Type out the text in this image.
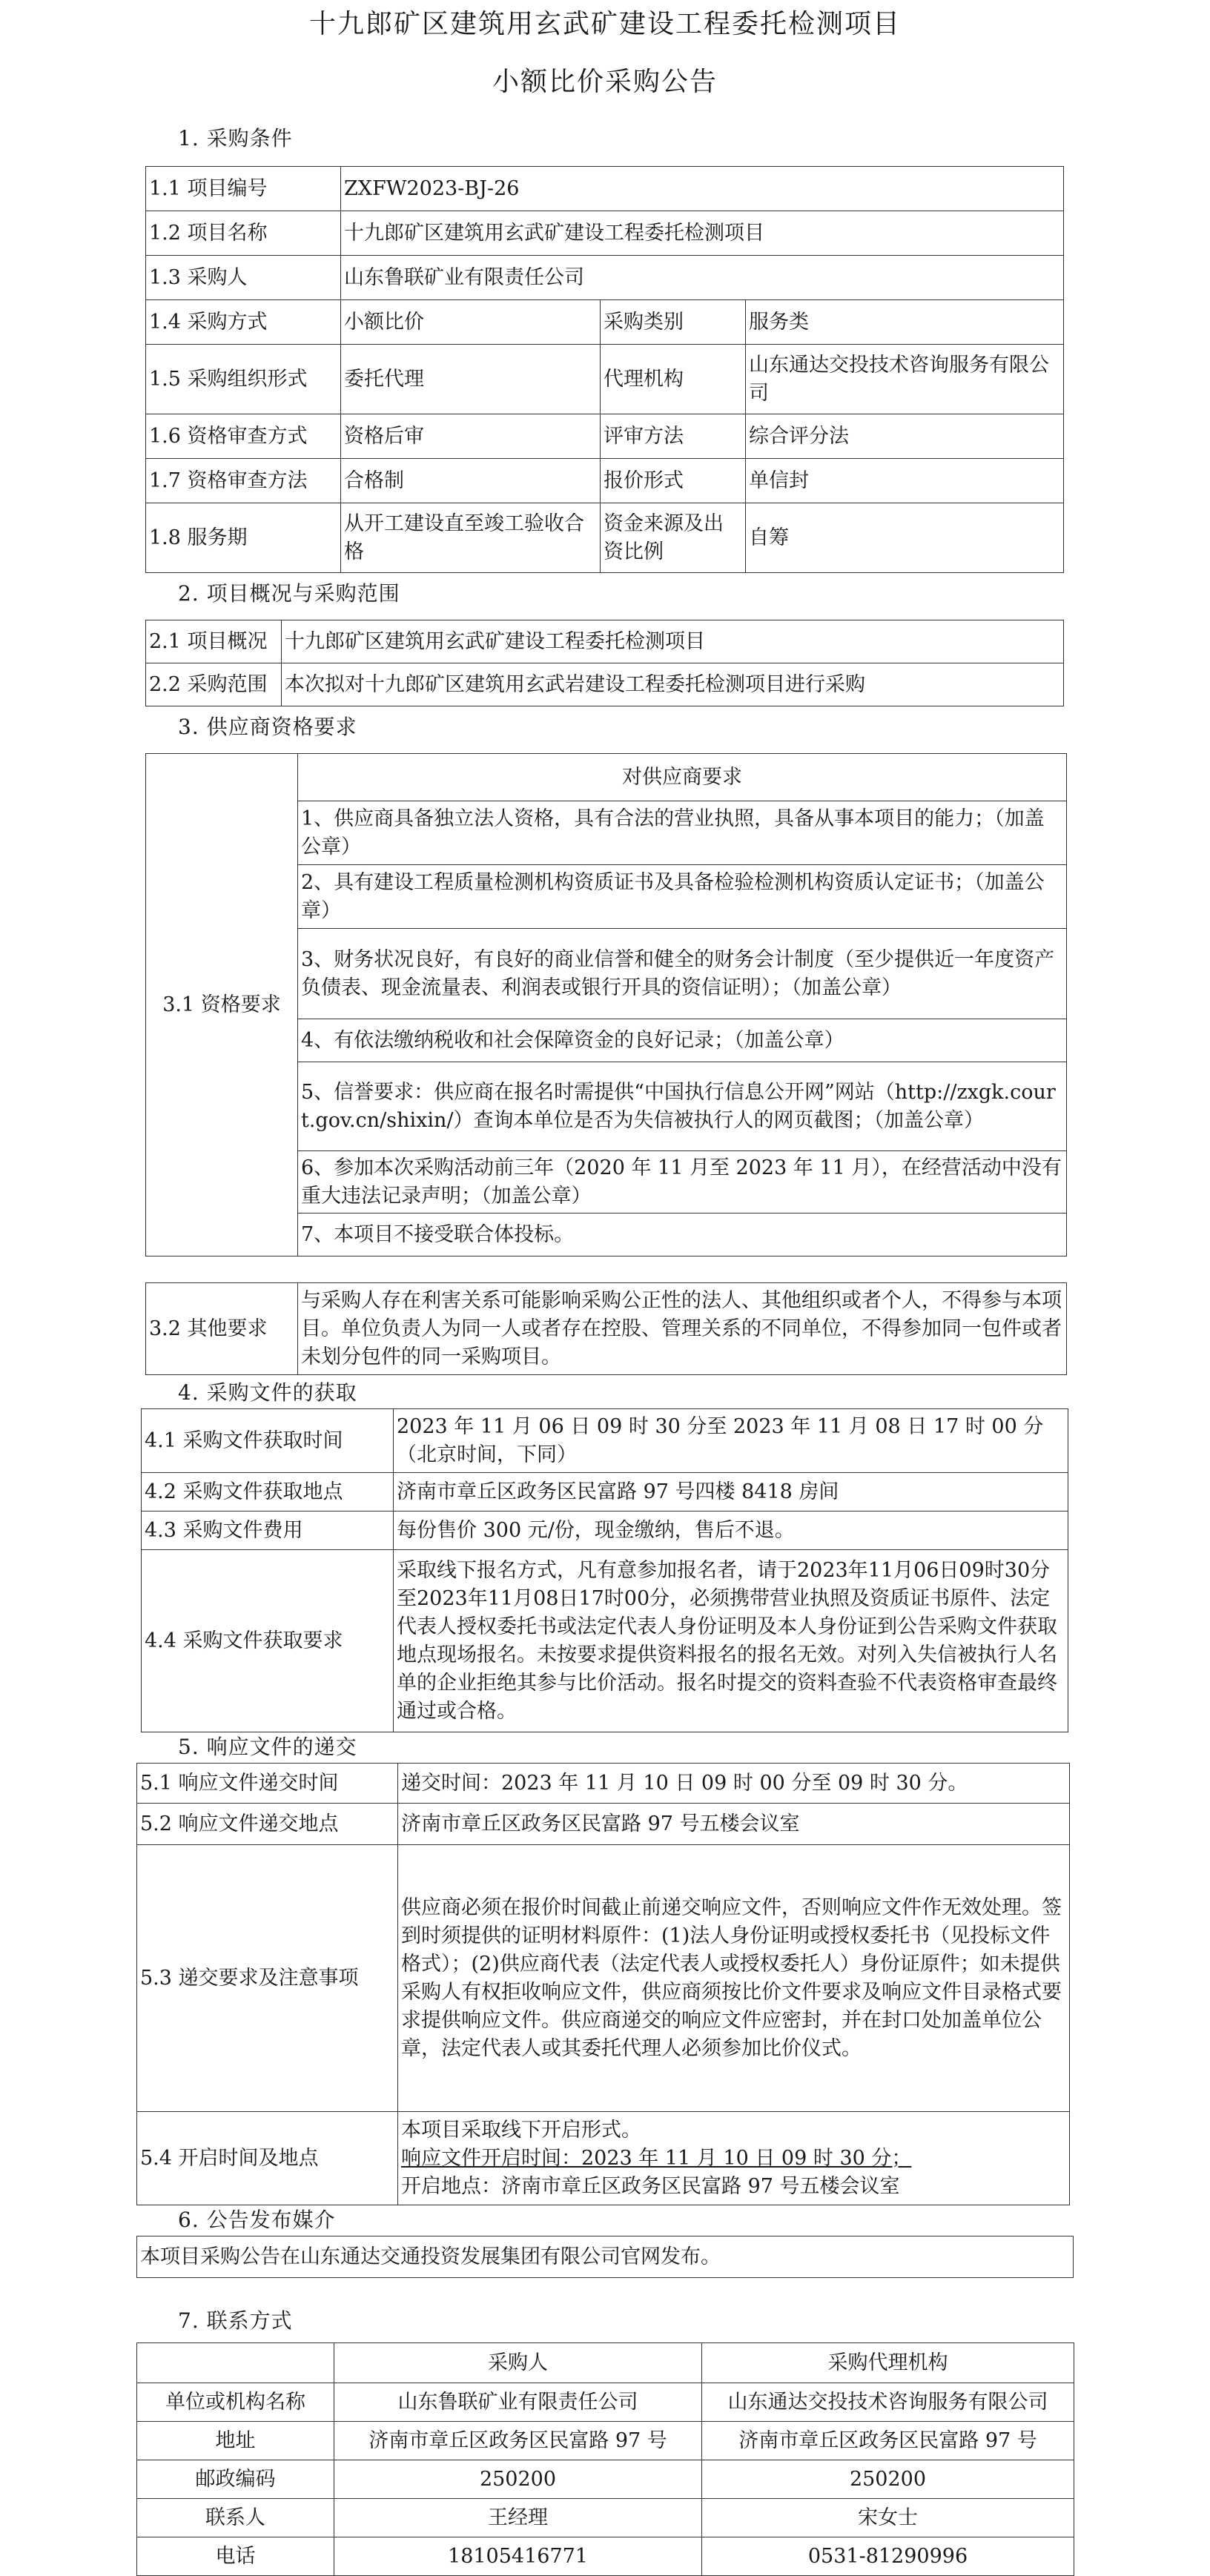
十九郎矿区建筑用玄武矿建设工程委托检测项目
小额比价采购公告
1. 采购条件
1.1 项目编号	ZXFW2023-BJ-26		
1.2 项目名称	十九郎矿区建筑用玄武矿建设工程委托检测项目		
1.3 采购人	山东鲁联矿业有限责任公司		
1.4 采购方式	小额比价	采购类别	服务类
1.5 采购组织形式	委托代理	代理机构	山东通达交投技术咨询服务有限公司
1.6 资格审查方式	资格后审	评审方法	综合评分法
1.7 资格审查方法	合格制	报价形式	单信封
1.8 服务期	从开工建设直至竣工验收合格	资金来源及出资比例	自筹
2. 项目概况与采购范围
2.1 项目概况	十九郎矿区建筑用玄武矿建设工程委托检测项目
2.2 采购范围	本次拟对十九郎矿区建筑用玄武岩建设工程委托检测项目进行采购
3. 供应商资格要求
3.1 资格要求	对供应商要求
1、供应商具备独立法人资格，具有合法的营业执照，具备从事本项目的能力；（加盖公章）
2、具有建设工程质量检测机构资质证书及具备检验检测机构资质认定证书；（加盖公章）
3、财务状况良好，有良好的商业信誉和健全的财务会计制度（至少提供近一年度资产负债表、现金流量表、利润表或银行开具的资信证明）；（加盖公章）
4、有依法缴纳税收和社会保障资金的良好记录；（加盖公章）
5、信誉要求：供应商在报名时需提供“中国执行信息公开网”网站（http://zxgk.court.gov.cn/shixin/）查询本单位是否为失信被执行人的网页截图；（加盖公章）
6、参加本次采购活动前三年（2020 年 11 月至 2023 年 11 月），在经营活动中没有重大违法记录声明；（加盖公章）
7、本项目不接受联合体投标。
3.2 其他要求	与采购人存在利害关系可能影响采购公正性的法人、其他组织或者个人，不得参与本项目。单位负责人为同一人或者存在控股、管理关系的不同单位，不得参加同一包件或者未划分包件的同一采购项目。
4. 采购文件的获取
4.1 采购文件获取时间	2023 年 11 月 06 日 09 时 30 分至 2023 年 11 月 08 日 17 时 00 分（北京时间，下同）
4.2 采购文件获取地点	济南市章丘区政务区民富路 97 号四楼 8418 房间
4.3 采购文件费用	每份售价 300 元/份，现金缴纳，售后不退。
4.4 采购文件获取要求	采取线下报名方式，凡有意参加报名者，请于2023年11月06日09时30分至2023年11月08日17时00分，必须携带营业执照及资质证书原件、法定代表人授权委托书或法定代表人身份证明及本人身份证到公告采购文件获取地点现场报名。未按要求提供资料报名的报名无效。对列入失信被执行人名单的企业拒绝其参与比价活动。报名时提交的资料查验不代表资格审查最终通过或合格。
5. 响应文件的递交
5.1 响应文件递交时间	递交时间：2023 年 11 月 10 日 09 时 00 分至 09 时 30 分。
5.2 响应文件递交地点	济南市章丘区政务区民富路 97 号五楼会议室
5.3 递交要求及注意事项	供应商必须在报价时间截止前递交响应文件，否则响应文件作无效处理。签到时须提供的证明材料原件：(1)法人身份证明或授权委托书（见投标文件格式）；(2)供应商代表（法定代表人或授权委托人）身份证原件；如未提供采购人有权拒收响应文件，供应商须按比价文件要求及响应文件目录格式要求提供响应文件。供应商递交的响应文件应密封，并在封口处加盖单位公章，法定代表人或其委托代理人必须参加比价仪式。
5.4 开启时间及地点	本项目采取线下开启形式。
响应文件开启时间：2023 年 11 月 10 日 09 时 30 分；
开启地点：济南市章丘区政务区民富路 97 号五楼会议室
6. 公告发布媒介
本项目采购公告在山东通达交通投资发展集团有限公司官网发布。
7. 联系方式
	采购人	采购代理机构
单位或机构名称	山东鲁联矿业有限责任公司	山东通达交投技术咨询服务有限公司
地址	济南市章丘区政务区民富路 97 号	济南市章丘区政务区民富路 97 号
邮政编码	250200	250200
联系人	王经理	宋女士
电话	18105416771	0531-81290996
